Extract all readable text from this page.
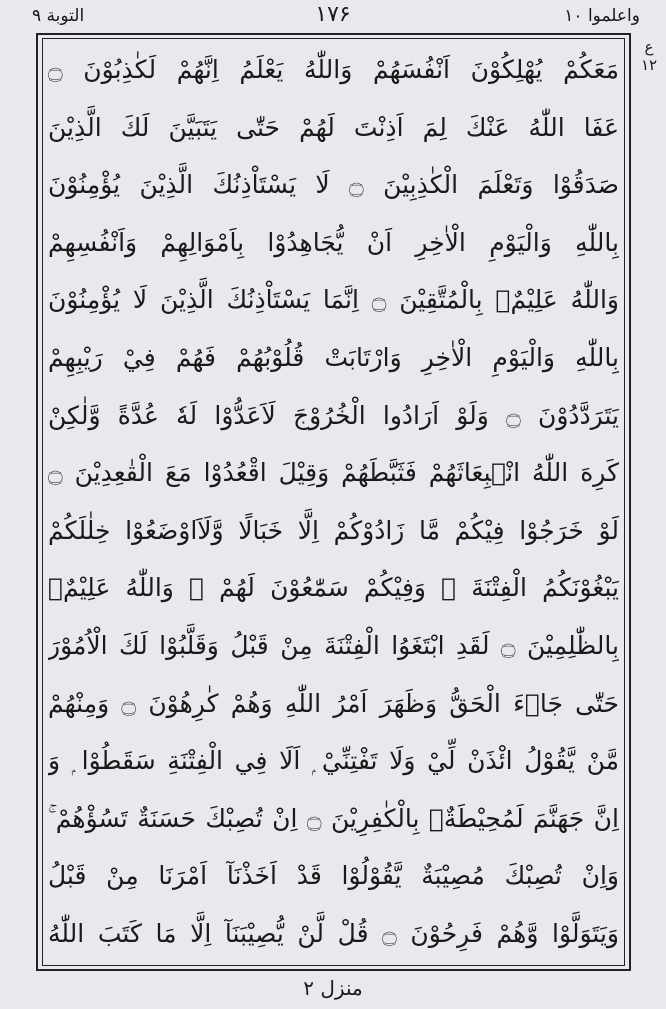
التوبة ۹	۱۷۶	واعلموا ۱۰
ع
۱۲
مَعَكُمْ يُهْلِكُوْنَ اَنْفُسَهُمْ وَاللّٰهُ يَعْلَمُ اِنَّهُمْ لَكٰذِبُوْنَ ۝
عَفَا اللّٰهُ عَنْكَ لِمَ اَذِنْتَ لَهُمْ حَتّٰى يَتَبَيَّنَ لَكَ الَّذِيْنَ
صَدَقُوْا وَتَعْلَمَ الْكٰذِبِيْنَ ۝ لَا يَسْتَاْذِنُكَ الَّذِيْنَ يُؤْمِنُوْنَ
بِاللّٰهِ وَالْيَوْمِ الْاٰخِرِ اَنْ يُّجَاهِدُوْا بِاَمْوَالِهِمْ وَاَنْفُسِهِمْ
وَاللّٰهُ عَلِيْمٌۢ بِالْمُتَّقِيْنَ ۝ اِنَّمَا يَسْتَاْذِنُكَ الَّذِيْنَ لَا يُؤْمِنُوْنَ
بِاللّٰهِ وَالْيَوْمِ الْاٰخِرِ وَارْتَابَتْ قُلُوْبُهُمْ فَهُمْ فِيْ رَيْبِهِمْ
يَتَرَدَّدُوْنَ ۝ وَلَوْ اَرَادُوا الْخُرُوْجَ لَاَعَدُّوْا لَهٗ عُدَّةً وَّلٰكِنْ
كَرِهَ اللّٰهُ انْۢبِعَاثَهُمْ فَثَبَّطَهُمْ وَقِيْلَ اقْعُدُوْا مَعَ الْقٰعِدِيْنَ ۝
لَوْ خَرَجُوْا فِيْكُمْ مَّا زَادُوْكُمْ اِلَّا خَبَالًا وَّلَاَاوْضَعُوْا خِلٰلَكُمْ
يَبْغُوْنَكُمُ الْفِتْنَةَ ۚ وَفِيْكُمْ سَمّٰعُوْنَ لَهُمْ ۭ وَاللّٰهُ عَلِيْمٌۢ
بِالظّٰلِمِيْنَ ۝ لَقَدِ ابْتَغَوُا الْفِتْنَةَ مِنْ قَبْلُ وَقَلَّبُوْا لَكَ الْاُمُوْرَ
حَتّٰى جَاۗءَ الْحَقُّ وَظَهَرَ اَمْرُ اللّٰهِ وَهُمْ كٰرِهُوْنَ ۝ وَمِنْهُمْ
مَّنْ يَّقُوْلُ ائْذَنْ لِّيْ وَلَا تَفْتِنِّيْ ۭ اَلَا فِي الْفِتْنَةِ سَقَطُوْا ۭ وَ
اِنَّ جَهَنَّمَ لَمُحِيْطَةٌۢ بِالْكٰفِرِيْنَ ۝ اِنْ تُصِبْكَ حَسَنَةٌ تَسُؤْهُمْ ۚ
وَاِنْ تُصِبْكَ مُصِيْبَةٌ يَّقُوْلُوْا قَدْ اَخَذْنَآ اَمْرَنَا مِنْ قَبْلُ
وَيَتَوَلَّوْا وَّهُمْ فَرِحُوْنَ ۝ قُلْ لَّنْ يُّصِيْبَنَآ اِلَّا مَا كَتَبَ اللّٰهُ
منزل ۲
